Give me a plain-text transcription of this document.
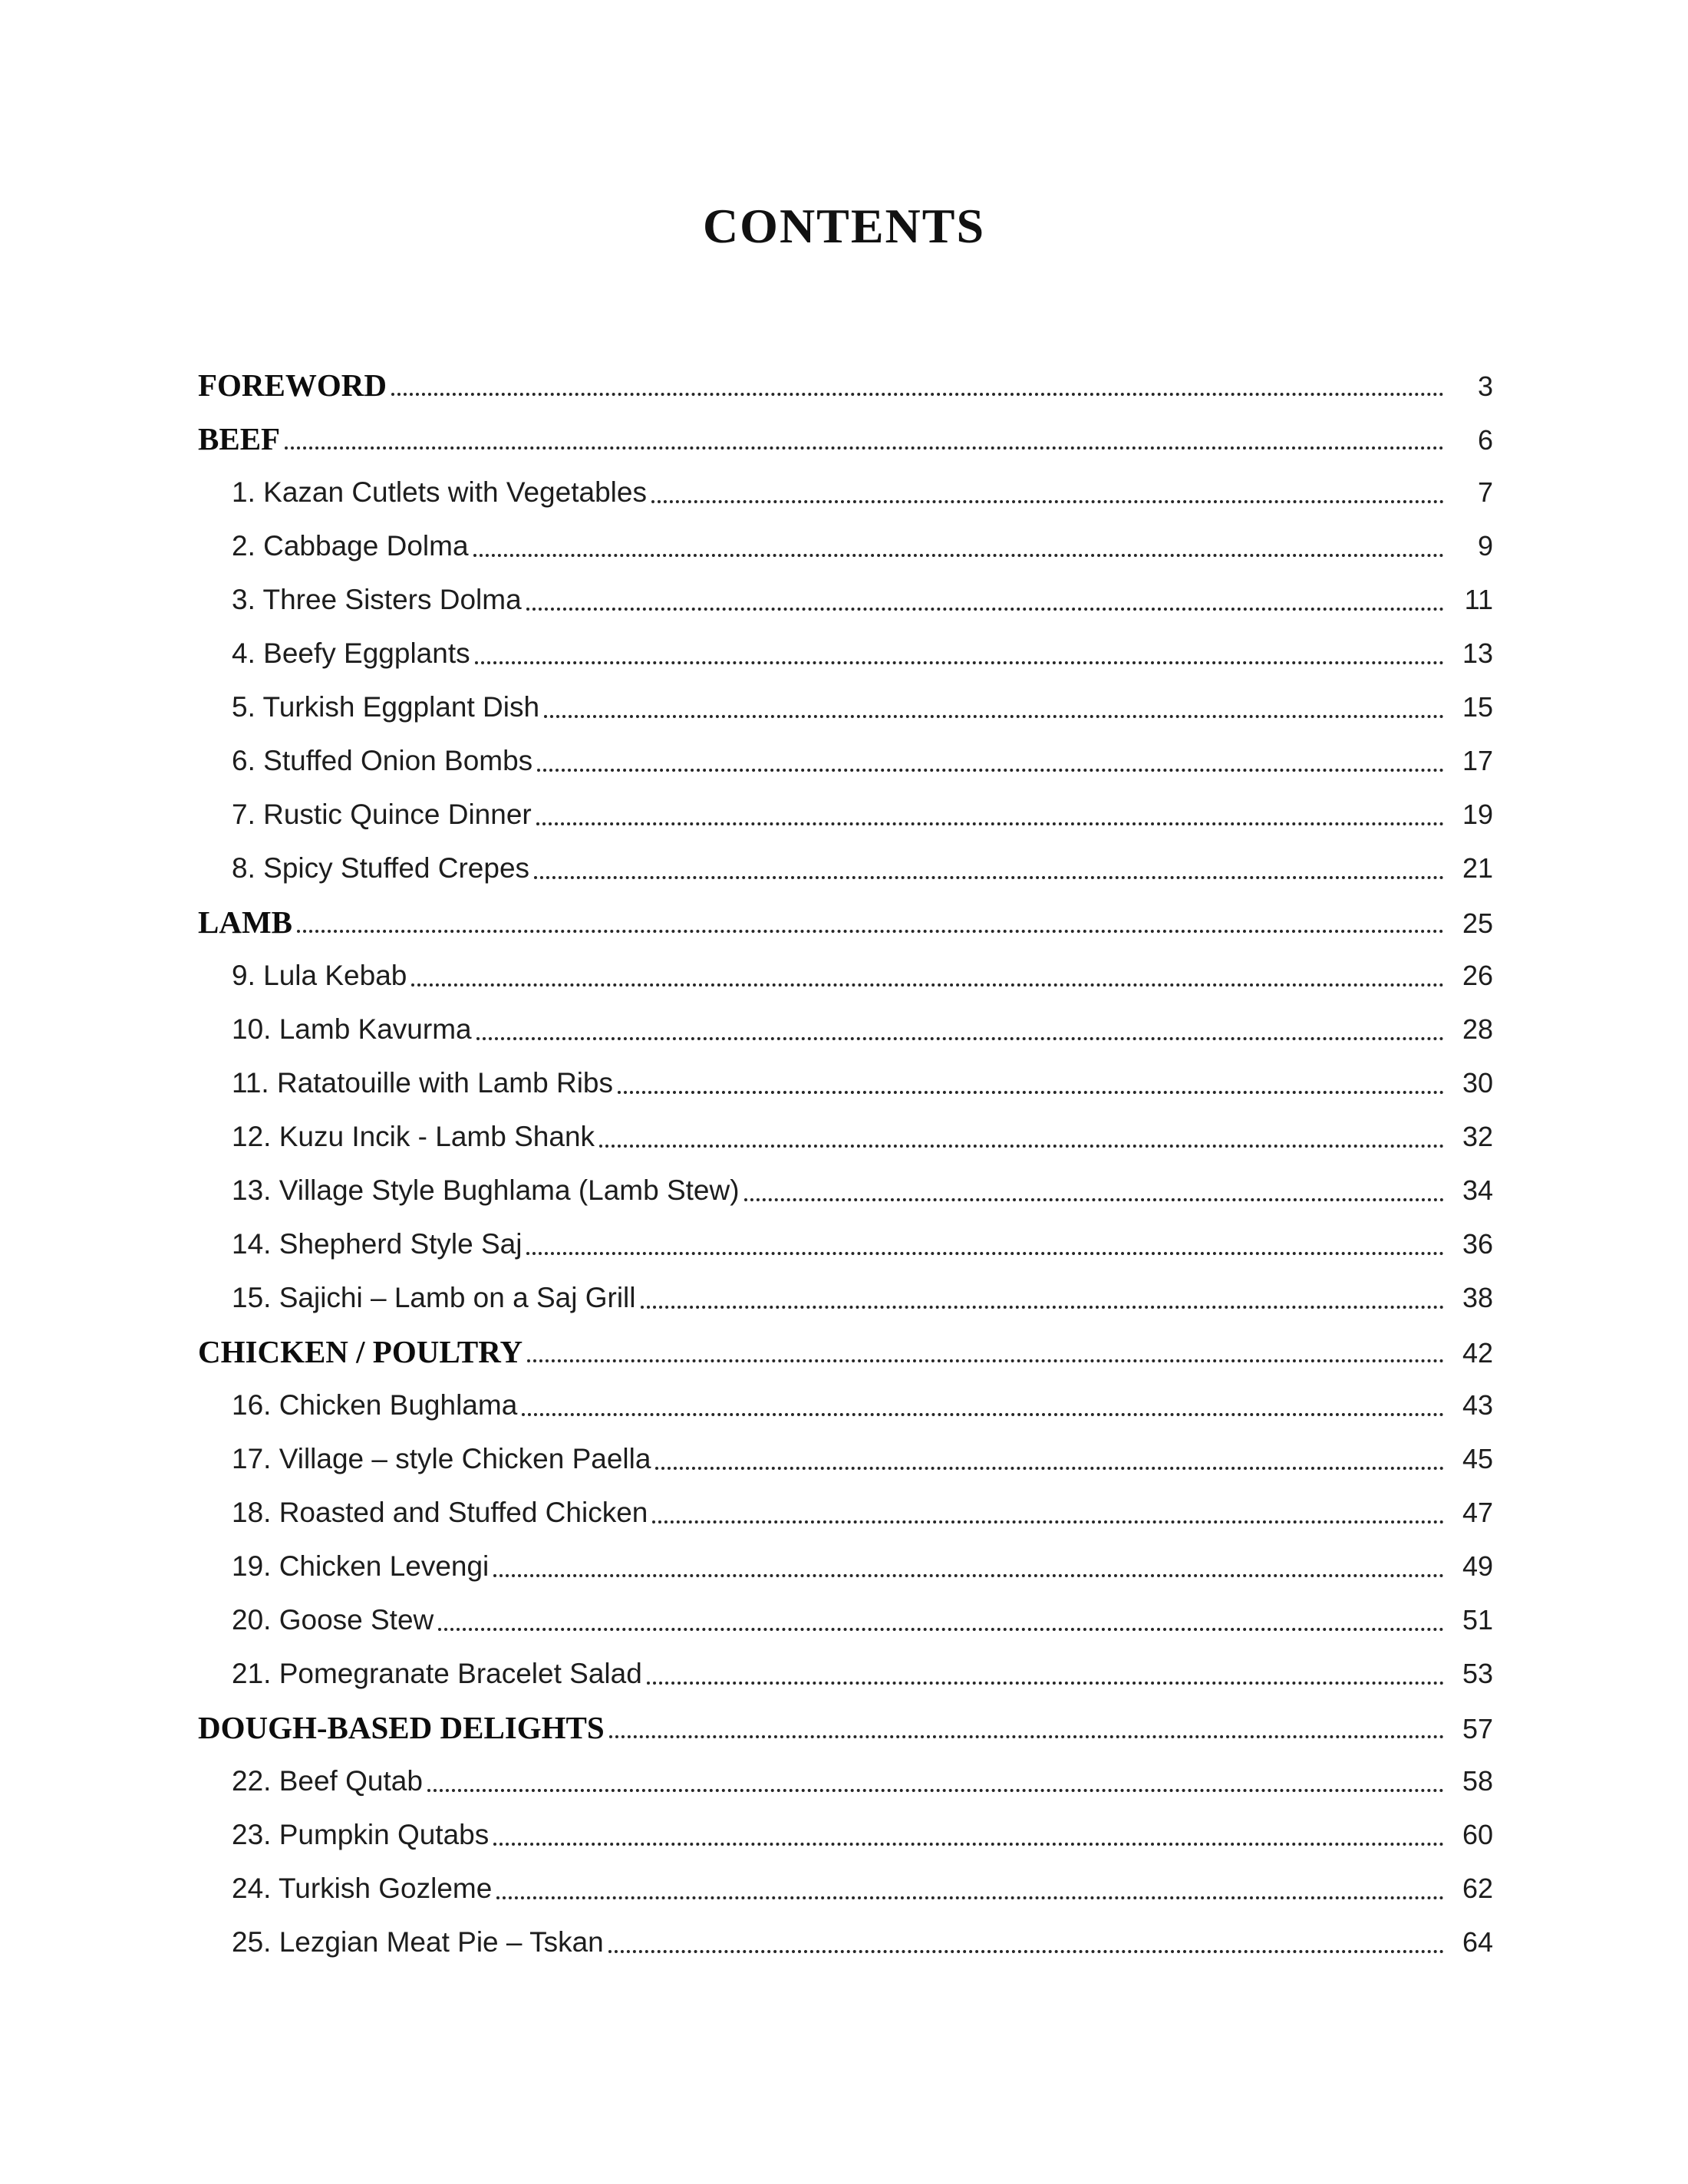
CONTENTS
FOREWORD	3
BEEF	6
1. Kazan Cutlets with Vegetables	7
2. Cabbage Dolma	9
3. Three Sisters Dolma	11
4. Beefy Eggplants	13
5. Turkish Eggplant Dish	15
6. Stuffed Onion Bombs	17
7. Rustic Quince Dinner	19
8. Spicy Stuffed Crepes	21
LAMB	25
9. Lula Kebab	26
10. Lamb Kavurma	28
11. Ratatouille with Lamb Ribs	30
12. Kuzu Incik - Lamb Shank	32
13. Village Style Bughlama (Lamb Stew)	34
14. Shepherd Style Saj	36
15. Sajichi – Lamb on a Saj Grill	38
CHICKEN / POULTRY	42
16. Chicken Bughlama	43
17. Village – style Chicken Paella	45
18. Roasted and Stuffed Chicken	47
19. Chicken Levengi	49
20. Goose Stew	51
21. Pomegranate Bracelet Salad	53
DOUGH-BASED DELIGHTS	57
22. Beef Qutab	58
23. Pumpkin Qutabs	60
24. Turkish Gozleme	62
25. Lezgian Meat Pie – Tskan	64
